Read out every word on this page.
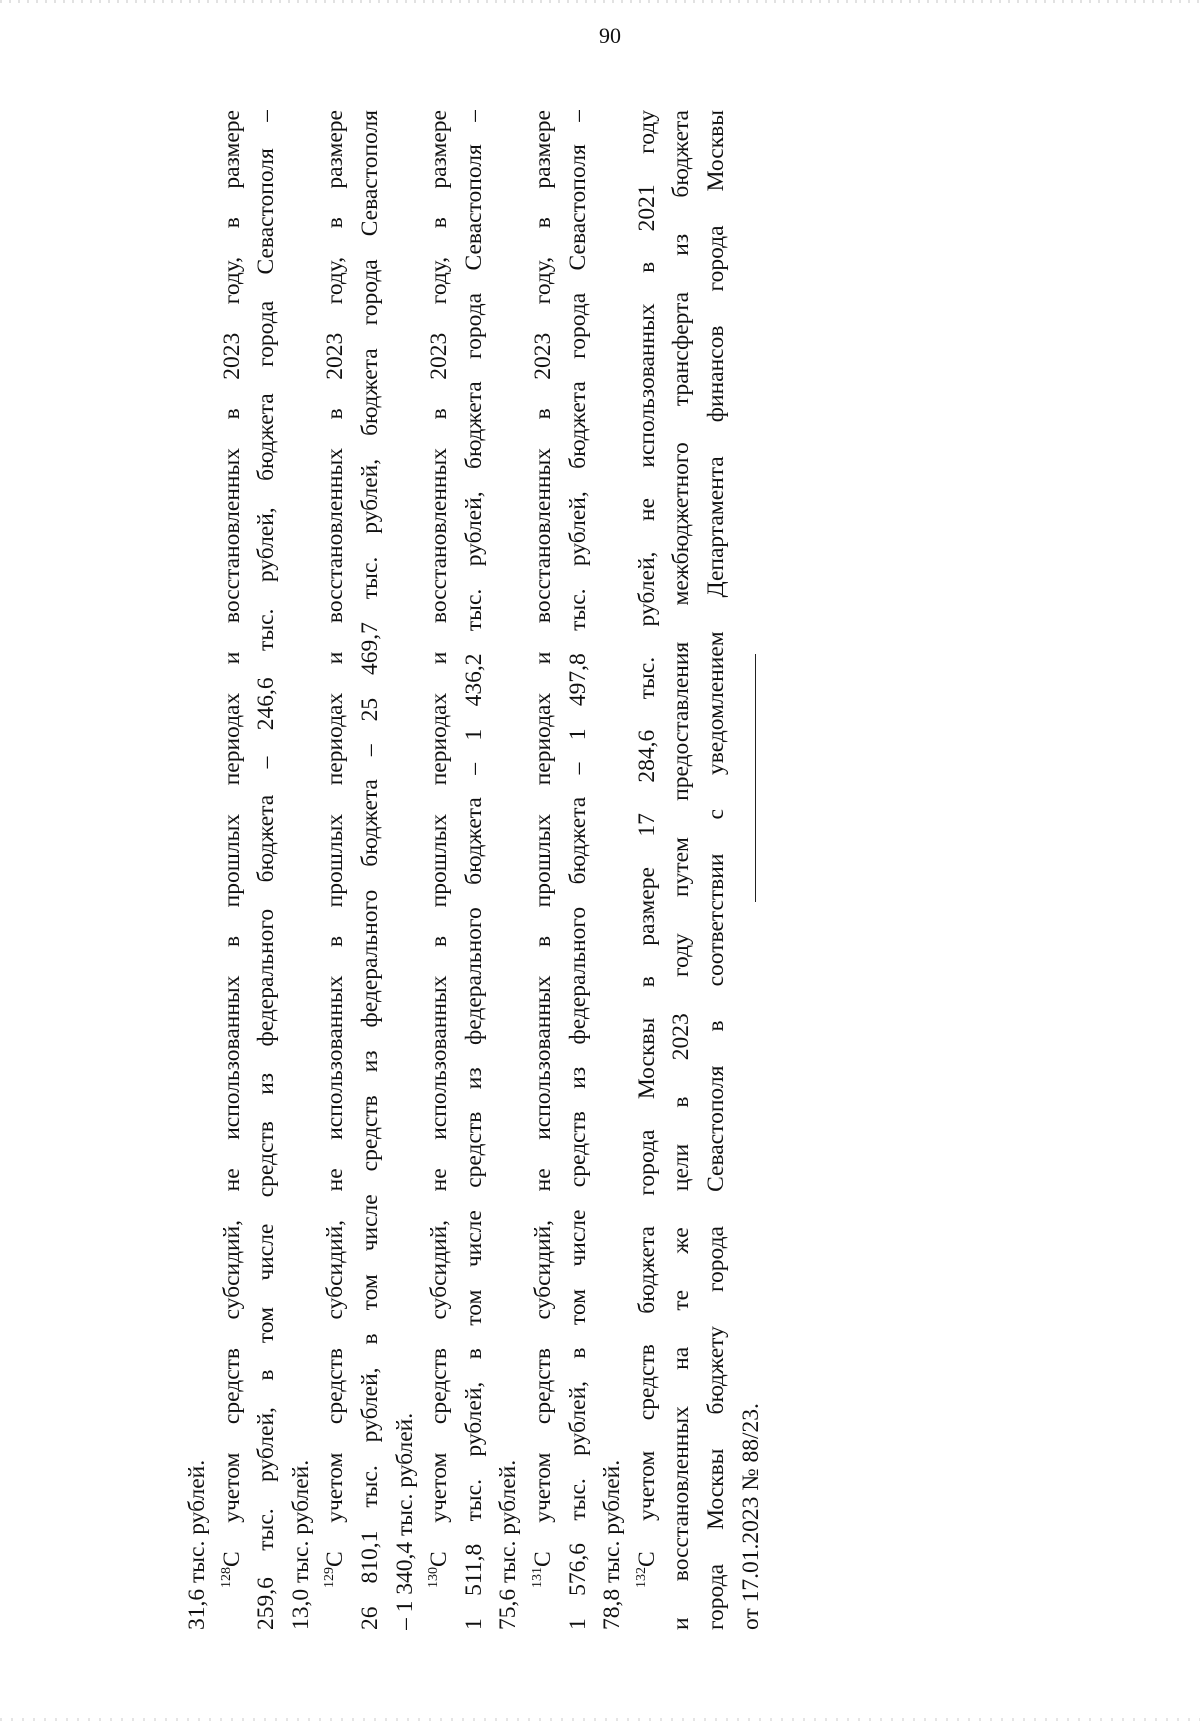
90
31,6 тыс. рублей. $^{128}$С учетом средств субсидий, не использованных в прошлых периодах и восстановленных в 2023 году, в размере 259,6 тыс. рублей, в том числе средств из федерального бюджета – 246,6 тыс. рублей, бюджета города Севастополя – 13,0 тыс. рублей. $^{129}$С учетом средств субсидий, не использованных в прошлых периодах и восстановленных в 2023 году, в размере 26 810,1 тыс. рублей, в том числе средств из федерального бюджета – 25 469,7 тыс. рублей, бюджета города Севастополя – 1 340,4 тыс. рублей. $^{130}$С учетом средств субсидий, не использованных в прошлых периодах и восстановленных в 2023 году, в размере 1 511,8 тыс. рублей, в том числе средств из федерального бюджета – 1 436,2 тыс. рублей, бюджета города Севастополя – 75,6 тыс. рублей. $^{131}$С учетом средств субсидий, не использованных в прошлых периодах и восстановленных в 2023 году, в размере 1 576,6 тыс. рублей, в том числе средств из федерального бюджета – 1 497,8 тыс. рублей, бюджета города Севастополя – 78,8 тыс. рублей. $^{132}$С учетом средств бюджета города Москвы в размере 17 284,6 тыс. рублей, не использованных в 2021 году и восстановленных на те же цели в 2023 году путем предоставления межбюджетного трансферта из бюджета города Москвы бюджету города Севастополя в соответствии с уведомлением Департамента финансов города Москвы от 17.01.2023 № 88/23.
